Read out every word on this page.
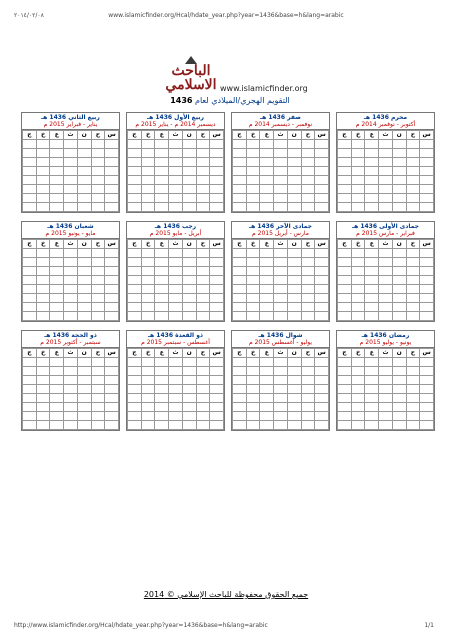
٢٠١٤/٠٢/٠٨	www.islamicfinder.org/Hcal/hdate_year.php?year=1436&base=h&lang=arabic
الباحث
الاسلامي www.islamicfinder.org
التقويم الهجري/الميلادي لعام 1436
محرم 1436 هـ
أكتوبر - نوفمبر 2014 م
س	ح	ن	ث	ع	خ	ج

صفر 1436 هـ
نوفمبر - ديسمبر 2014 م
س	ح	ن	ث	ع	خ	ج

ربيع الأول 1436 هـ
ديسمبر 2014 م - يناير 2015 م
س	ح	ن	ث	ع	خ	ج

ربيع الثاني 1436 هـ
يناير - فبراير 2015 م
س	ح	ن	ث	ع	خ	ج

جمادى الأولى 1436 هـ
فبراير - مارس 2015 م
س	ح	ن	ث	ع	خ	ج

جمادى الآخر 1436 هـ
مارس - أبريل 2015 م
س	ح	ن	ث	ع	خ	ج

رجب 1436 هـ
أبريل - مايو 2015 م
س	ح	ن	ث	ع	خ	ج

شعبان 1436 هـ
مايو - يونيو 2015 م
س	ح	ن	ث	ع	خ	ج

رمضان 1436 هـ
يونيو - يوليو 2015 م
س	ح	ن	ث	ع	خ	ج

شوال 1436 هـ
يوليو - أغسطس 2015 م
س	ح	ن	ث	ع	خ	ج

ذو القعدة 1436 هـ
أغسطس - سبتمبر 2015 م
س	ح	ن	ث	ع	خ	ج

ذو الحجة 1436 هـ
سبتمبر - أكتوبر 2015 م
س	ح	ن	ث	ع	خ	ج

جميع الحقوق محفوظة للباحث الإسلامي © 2014
http://www.islamicfinder.org/Hcal/hdate_year.php?year=1436&base=h&lang=arabic	1/1
